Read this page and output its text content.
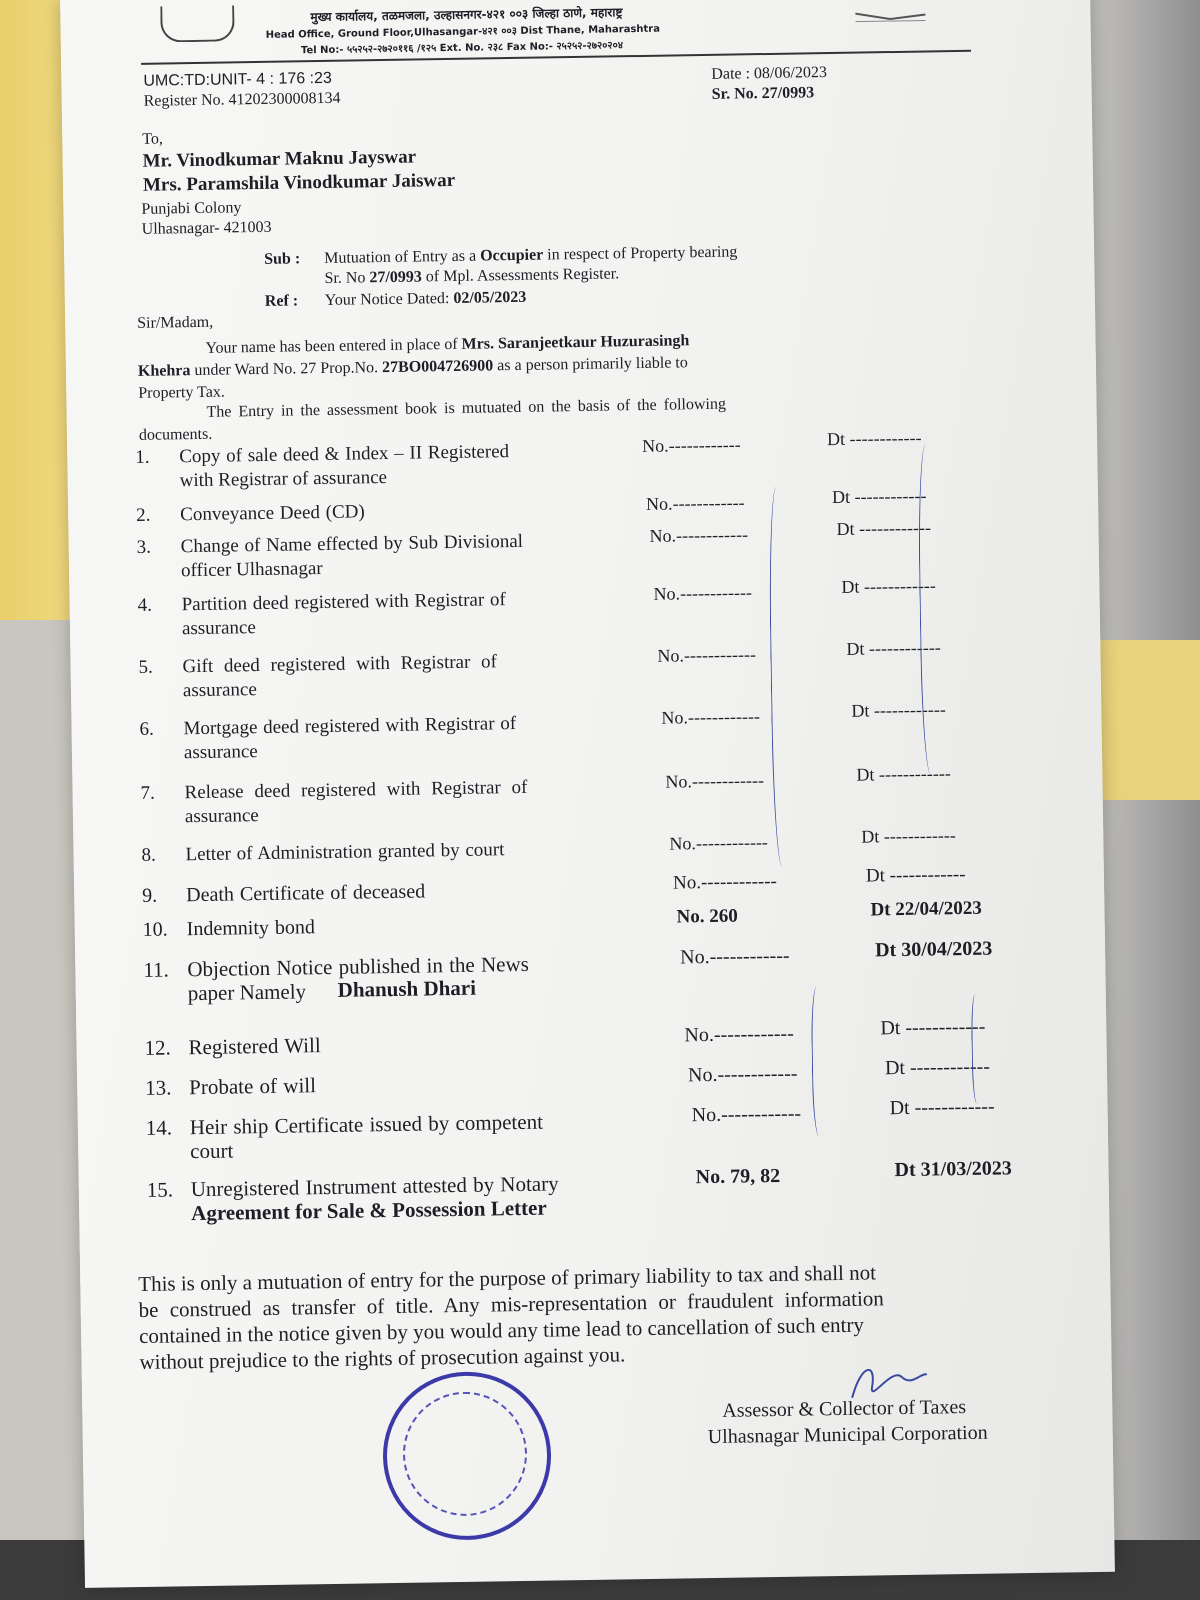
मुख्य कार्यालय, तळमजला, उल्हासनगर-४२१ ००३ जिल्हा ठाणे, महाराष्ट्र
Head Office, Ground Floor,Ulhasangar-४२१ ००३ Dist Thane, Maharashtra
Tel No:- ५५२५२-२७२०११६ /१२५ Ext. No. २३८ Fax No:- २५२५२-२७२०२०४
UMC:TD:UNIT- 4 : 176 :23
Register No. 41202300008134
Date : 08/06/2023
Sr. No. 27/0993
To,
Mr. Vinodkumar Maknu Jayswar
Mrs. Paramshila Vinodkumar Jaiswar
Punjabi Colony
Ulhasnagar- 421003
Sub : Mutuation of Entry as a Occupier in respect of Property bearing
Sr. No 27/0993 of Mpl. Assessments Register.
Ref : Your Notice Dated: 02/05/2023
Sir/Madam,
Your name has been entered in place of Mrs. Saranjeetkaur Huzurasingh
Khehra under Ward No. 27 Prop.No. 27BO004726900 as a person primarily liable to
Property Tax.
The Entry in the assessment book is mutuated on the basis of the following
documents.
1. Copy of sale deed & Index – II Registered
with Registrar of assurance
No.------------	Dt ------------
2. Conveyance Deed (CD)	No.------------	Dt ------------
3. Change of Name effected by Sub Divisional
officer Ulhasnagar
No.------------	Dt ------------
4. Partition deed registered with Registrar of
assurance
No.------------	Dt ------------
5. Gift deed registered with Registrar of
assurance
No.------------	Dt ------------
6. Mortgage deed registered with Registrar of
assurance
No.------------	Dt ------------
7. Release deed registered with Registrar of
assurance
No.------------	Dt ------------
8. Letter of Administration granted by court	No.------------	Dt ------------
9. Death Certificate of deceased	No.------------	Dt ------------
10. Indemnity bond	No. 260	Dt 22/04/2023
11. Objection Notice published in the News
paper Namely Dhanush Dhari
No.------------	Dt 30/04/2023
12. Registered Will	No.------------	Dt ------------
13. Probate of will	No.------------	Dt ------------
14. Heir ship Certificate issued by competent
court
No.------------	Dt ------------
15. Unregistered Instrument attested by Notary
Agreement for Sale & Possession Letter
No. 79, 82	Dt 31/03/2023
This is only a mutuation of entry for the purpose of primary liability to tax and shall not
be construed as transfer of title. Any mis-representation or fraudulent information
contained in the notice given by you would any time lead to cancellation of such entry
without prejudice to the rights of prosecution against you.
Assessor & Collector of Taxes
Ulhasnagar Municipal Corporation
